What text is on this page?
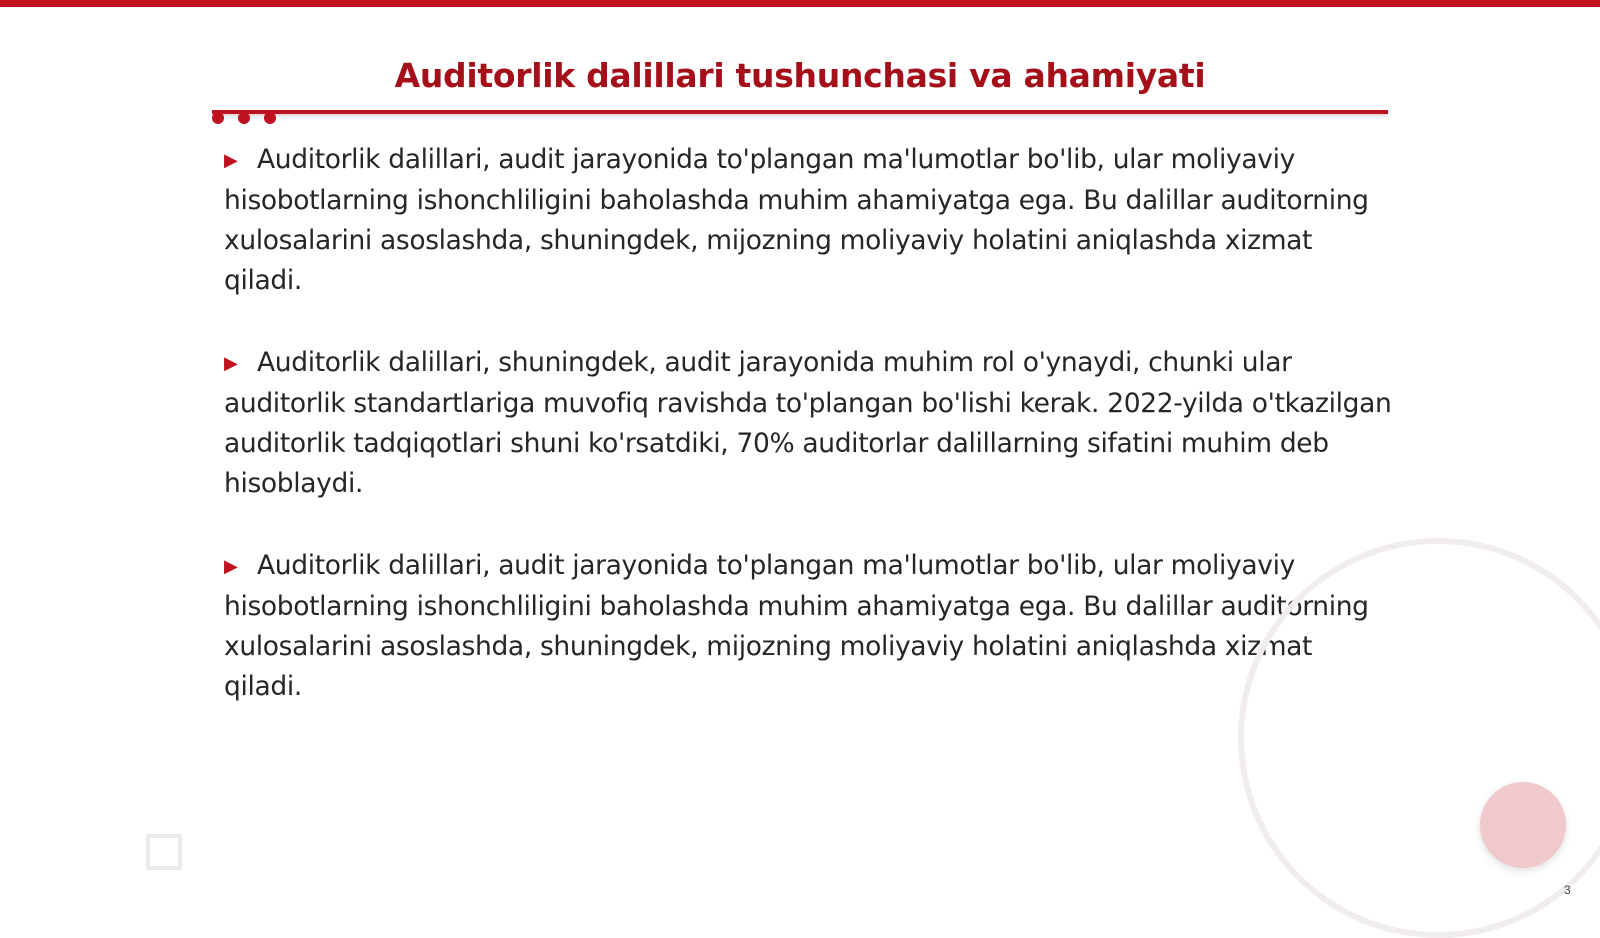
Auditorlik dalillari tushunchasi va ahamiyati

▶ Auditorlik dalillari, audit jarayonida to'plangan ma'lumotlar bo'lib, ular moliyaviy hisobotlarning ishonchliligini baholashda muhim ahamiyatga ega. Bu dalillar auditorning xulosalarini asoslashda, shuningdek, mijozning moliyaviy holatini aniqlashda xizmat qiladi.

▶ Auditorlik dalillari, shuningdek, audit jarayonida muhim rol o'ynaydi, chunki ular auditorlik standartlariga muvofiq ravishda to'plangan bo'lishi kerak. 2022-yilda o'tkazilgan auditorlik tadqiqotlari shuni ko'rsatdiki, 70% auditorlar dalillarning sifatini muhim deb hisoblaydi.

▶ Auditorlik dalillari, audit jarayonida to'plangan ma'lumotlar bo'lib, ular moliyaviy hisobotlarning ishonchliligini baholashda muhim ahamiyatga ega. Bu dalillar auditorning xulosalarini asoslashda, shuningdek, mijozning moliyaviy holatini aniqlashda xizmat qiladi.

3
